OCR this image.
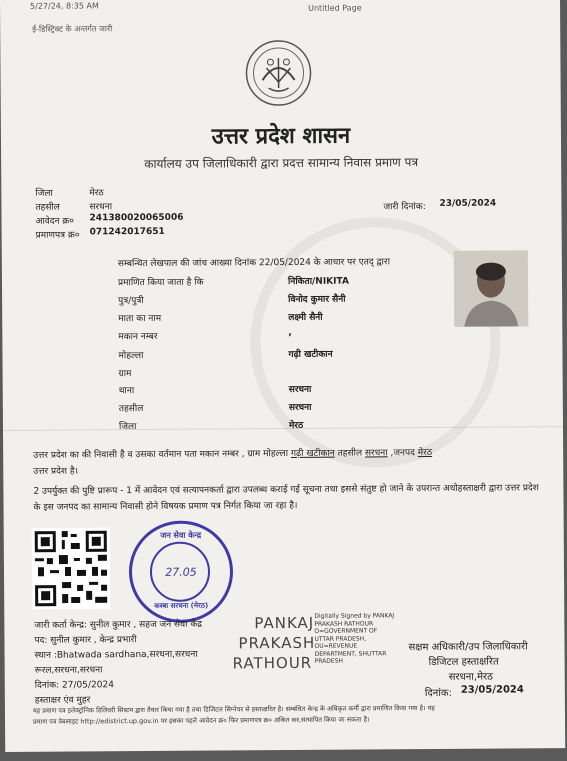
5/27/24, 8:35 AM	Untitled Page
ई-डिस्ट्रिक्ट के अन्तर्गत जारी
उत्तर प्रदेश शासन
कार्यालय उप जिलाधिकारी द्वारा प्रदत्त सामान्य निवास प्रमाण पत्र
जिला	मेरठ
तहसील	सरधना
आवेदन क्र० 241380020065006
प्रमाणपत्र क्र० 071242017651
जारी दिनांक: 23/05/2024
सम्बन्धित लेखपाल की जांच आख्या दिनांक 22/05/2024 के आधार पर एतद् द्वारा
प्रमाणित किया जाता है कि	निकिता/NIKITA
पुत्र/पुत्री	विनोद कुमार सैनी
माता का नाम	लक्ष्मी सैनी
मकान नम्बर	,
मोहल्ला	गढ़ी खटीकान
ग्राम
थाना	सरधना
तहसील	सरधना
जिला	मेरठ
उत्तर प्रदेश का की निवासी है व उसका वर्तमान पता मकान नम्बर , ग्राम मोहल्ला गढ़ी खटीकान तहसील सरधना ,जनपद मेरठ
उत्तर प्रदेश है।
2 उपर्युक्त की पुष्टि प्रारूप - 1 में आवेदन एवं सत्यापनकर्ता द्वारा उपलब्ध कराई गई सूचना तथा इससे संतुष्ट हो जाने के उपरान्त अधोहस्ताक्षरी द्वारा उत्तर प्रदेश के इस जनपद का सामान्य निवासी होने विषयक प्रमाण पत्र निर्गत किया जा रहा है।
जन सेवा केन्द्र
27.05
कस्बा सरधना (मेरठ)
जारी कर्ता केन्द्र: सुनील कुमार , सहज जन सेवा केंद्र
पद: सुनील कुमार , केन्द्र प्रभारी
स्थान :Bhatwada sardhana,सरधना,सरधना
रूरल,सरधना,सरधना
दिनांक: 27/05/2024
हस्ताक्षर एंव मुहर
PANKAJ
PRAKASH
RATHOUR
Digitally Signed by PANKAJ
PRAKASH RATHOUR
O=GOVERNMENT OF
UTTAR PRADESH,
OU=REVENUE
DEPARTMENT, SHUTTAR
PRADESH
सक्षम अधिकारी/उप जिलाधिकारी
डिजिटल हस्ताक्षरित
सरधना,मेरठ
दिनांक: 23/05/2024
यह प्रमाण पत्र इलेक्ट्रॉनिक डिलिवरी सिस्टम द्वारा तैयार किया गया है तथा डिजिटल सिग्नेचर से हस्ताक्षरित है। सम्बंधित केन्द्र के अधिकृत कर्मी द्वारा प्रमाणित किया गया है। यह
प्रमाण पत्र वेबसाइट http://edistrict.up.gov.in पर इसका पहले आवेदन क्र० फिर प्रमाणपत्र क्र० अंकित कर,सत्यापित किया जा सकता है।
